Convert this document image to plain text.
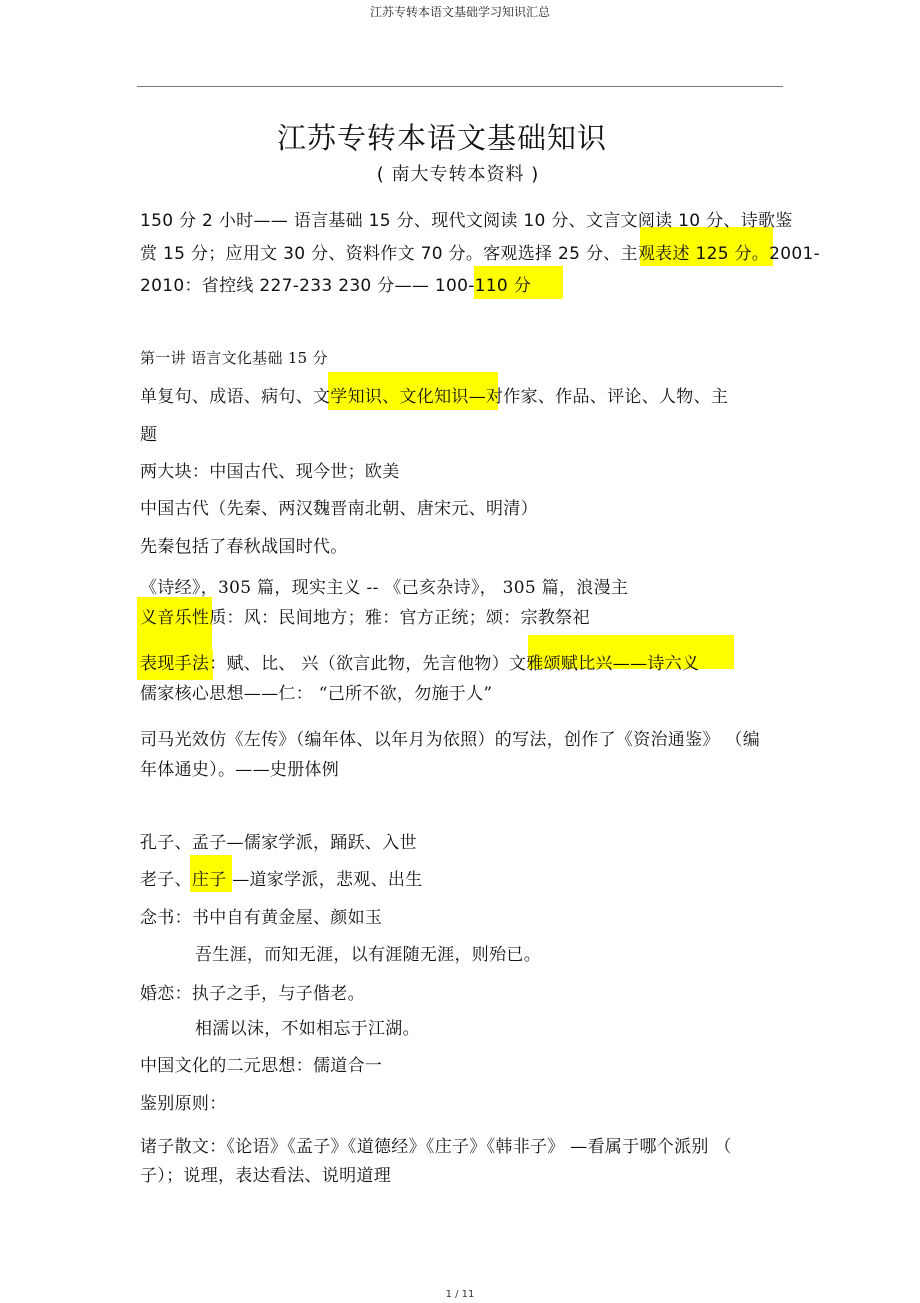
江苏专转本语文基础学习知识汇总
江苏专转本语文基础知识
( 南大专转本资料 )
150 分 2 小时—— 语言基础 15 分、现代文阅读 10 分、文言文阅读 10 分、诗歌鉴
赏 15 分；应用文 30 分、资料作文 70 分。客观选择 25 分、主观表述 125 分。2001-
2010：省控线 227-233 230 分—— 100-110 分
第一讲 语言文化基础 15 分
单复句、成语、病句、文学知识、文化知识—对作家、作品、评论、人物、主
题
两大块：中国古代、现今世；欧美
中国古代（先秦、两汉魏晋南北朝、唐宋元、明清）
先秦包括了春秋战国时代。
《诗经》，305 篇，现实主义 -- 《己亥杂诗》， 305 篇，浪漫主
义音乐性质：风：民间地方；雅：官方正统；颂：宗教祭祀
表现手法：赋、比、 兴（欲言此物，先言他物）文雅颂赋比兴——诗六义
儒家核心思想——仁： “己所不欲，勿施于人”
司马光效仿《左传》（编年体、以年月为依照）的写法，创作了《资治通鉴》 （编
年体通史）。——史册体例
孔子、孟子—儒家学派，踊跃、入世
老子、庄子 —道家学派，悲观、出生
念书：书中自有黄金屋、颜如玉
吾生涯，而知无涯，以有涯随无涯，则殆已。
婚恋：执子之手，与子偕老。
相濡以沫，不如相忘于江湖。
中国文化的二元思想：儒道合一
鉴别原则：
诸子散文：《论语》《孟子》《道德经》《庄子》《韩非子》 —看属于哪个派别 （
子）；说理，表达看法、说明道理
1 / 11
